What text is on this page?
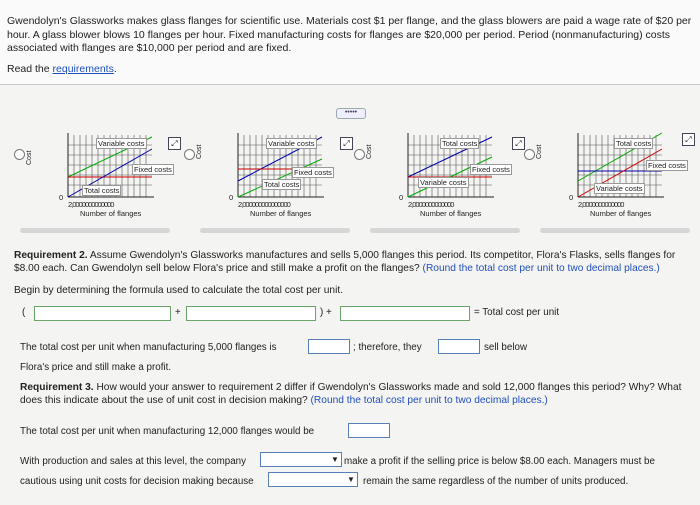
Gwendolyn's Glassworks makes glass flanges for scientific use. Materials cost $1 per flange, and the glass blowers are paid a wage rate of $20 per hour. A glass blower blows 10 flanges per hour. Fixed manufacturing costs for flanges are $20,000 per period. Period (nonmanufacturing) costs associated with flanges are $10,000 per period and are fixed.
Read the requirements.
•••••
Cost
Variable costs
Fixed costs
Total costs
⤢
0
2,0000000000000
Number of flanges
Cost
Variable costs
Fixed costs
Total costs
⤢
0
2,000000000000000
Number of flanges
Cost
Total costs
Fixed costs
Variable costs
⤢
0
2,0000000000000
Number of flanges
Cost
Total costs
Fixed costs
Variable costs
⤢
0
2,0000000000000
Number of flanges
Requirement 2. Assume Gwendolyn's Glassworks manufactures and sells 5,000 flanges this period. Its competitor, Flora's Flasks, sells flanges for $8.00 each. Can Gwendolyn sell below Flora's price and still make a profit on the flanges? (Round the total cost per unit to two decimal places.)
Begin by determining the formula used to calculate the total cost per unit.
(	+	) +	= Total cost per unit
The total cost per unit when manufacturing 5,000 flanges is	; therefore, they	sell below
Flora's price and still make a profit.
Requirement 3. How would your answer to requirement 2 differ if Gwendolyn's Glassworks made and sold 12,000 flanges this period? Why? What does this indicate about the use of unit cost in decision making? (Round the total cost per unit to two decimal places.)
The total cost per unit when manufacturing 12,000 flanges would be
With production and sales at this level, the company	▼ make a profit if the selling price is below $8.00 each. Managers must be
cautious using unit costs for decision making because	▼ remain the same regardless of the number of units produced.
